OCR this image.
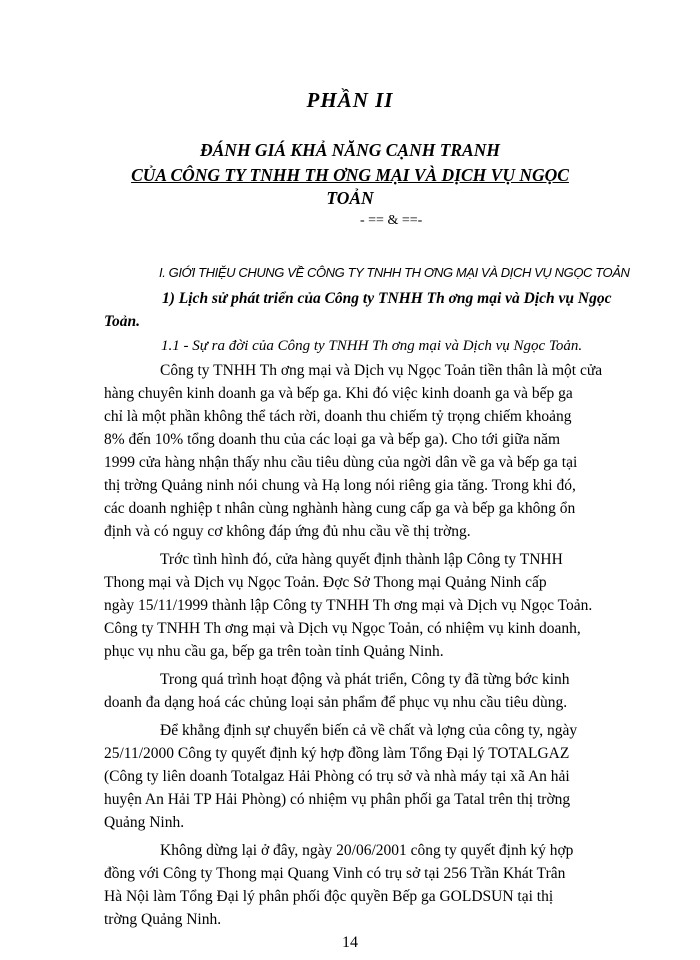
PHẦN II
ĐÁNH GIÁ KHẢ NĂNG CẠNH TRANH
CỦA CÔNG TY TNHH TH ƠNG MẠI VÀ DỊCH VỤ NGỌC
TOẢN
- == & ==-
I. GIỚI THIỆU CHUNG VỀ CÔNG TY TNHH TH ƠNG MẠI VÀ DỊCH VỤ NGỌC TOẢN
1) Lịch sử phát triển của Công ty TNHH Th ơng mại và Dịch vụ Ngọc
Toản.
1.1 - Sự ra đời của Công ty TNHH Th ơng mại và Dịch vụ Ngọc Toản.
Công ty TNHH Th ơng mại và Dịch vụ Ngọc Toản tiền thân là một cửa
hàng chuyên kinh doanh ga và bếp ga. Khi đó việc kinh doanh ga và bếp ga
chỉ là một phần không thể tách rời, doanh thu chiếm tỷ trọng chiếm khoảng
8% đến 10% tổng doanh thu của các loại ga và bếp ga). Cho tới giữa năm
1999 cửa hàng nhận thấy nhu cầu tiêu dùng của ngời dân về ga và bếp ga tại
thị trờng Quảng ninh nói chung và Hạ long nói riêng gia tăng. Trong khi đó,
các doanh nghiệp t nhân cùng nghành hàng cung cấp ga và bếp ga không ổn
định và có nguy cơ không đáp ứng đủ nhu cầu về thị trờng.
Trớc tình hình đó, cửa hàng quyết định thành lập Công ty TNHH
Thong mại và Dịch vụ Ngọc Toản. Đợc Sở Thong mại Quảng Ninh cấp
ngày 15/11/1999 thành lập Công ty TNHH Th ơng mại và Dịch vụ Ngọc Toản.
Công ty TNHH Th ơng mại và Dịch vụ Ngọc Toản, có nhiệm vụ kinh doanh,
phục vụ nhu cầu ga, bếp ga trên toàn tỉnh Quảng Ninh.
Trong quá trình hoạt động và phát triển, Công ty đã từng bớc kinh
doanh đa dạng hoá các chủng loại sản phẩm để phục vụ nhu cầu tiêu dùng.
Để khẳng định sự chuyển biến cả về chất và lợng của công ty, ngày
25/11/2000 Công ty quyết định ký hợp đồng làm Tổng Đại lý TOTALGAZ
(Công ty liên doanh Totalgaz Hải Phòng có trụ sở và nhà máy tại xã An hải
huyện An Hải TP Hải Phòng) có nhiệm vụ phân phối ga Tatal trên thị trờng
Quảng Ninh.
Không dừng lại ở đây, ngày 20/06/2001 công ty quyết định ký hợp
đồng với Công ty Thong mại Quang Vinh có trụ sở tại 256 Trần Khát Trân
Hà Nội làm Tổng Đại lý phân phối độc quyền Bếp ga GOLDSUN tại thị
trờng Quảng Ninh.
14
